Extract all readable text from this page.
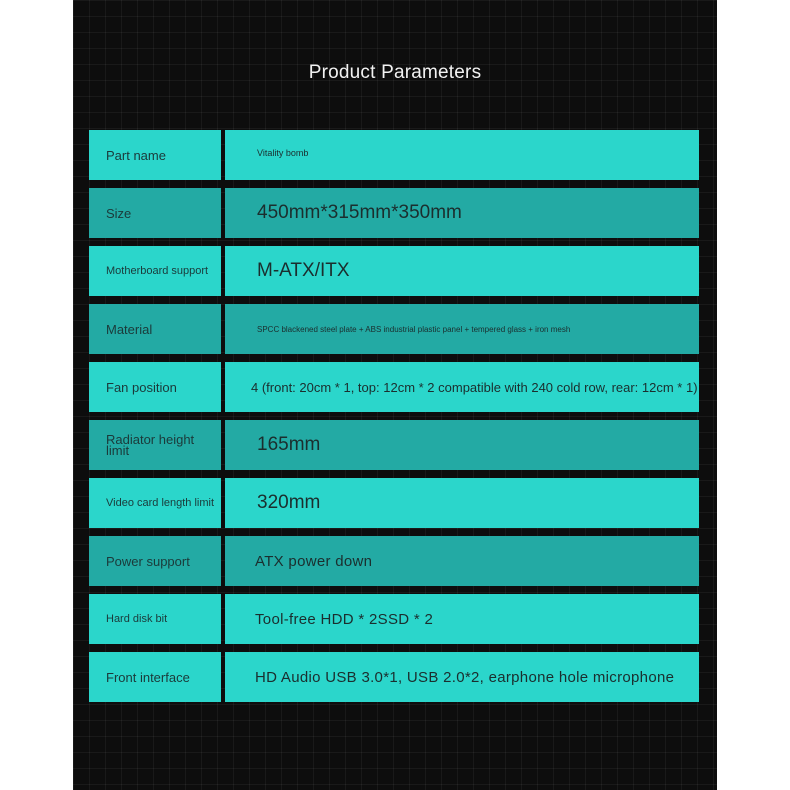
Product Parameters
Part name	Vitality bomb
Size	450mm*315mm*350mm
Motherboard support	M-ATX/ITX
Material	SPCC blackened steel plate + ABS industrial plastic panel + tempered glass + iron mesh
Fan position	4 (front: 20cm * 1, top: 12cm * 2 compatible with 240 cold row, rear: 12cm * 1)
Radiator height limit	165mm
Video card length limit	320mm
Power support	ATX power down
Hard disk bit	Tool-free HDD * 2SSD * 2
Front interface	HD Audio USB 3.0*1, USB 2.0*2, earphone hole microphone
